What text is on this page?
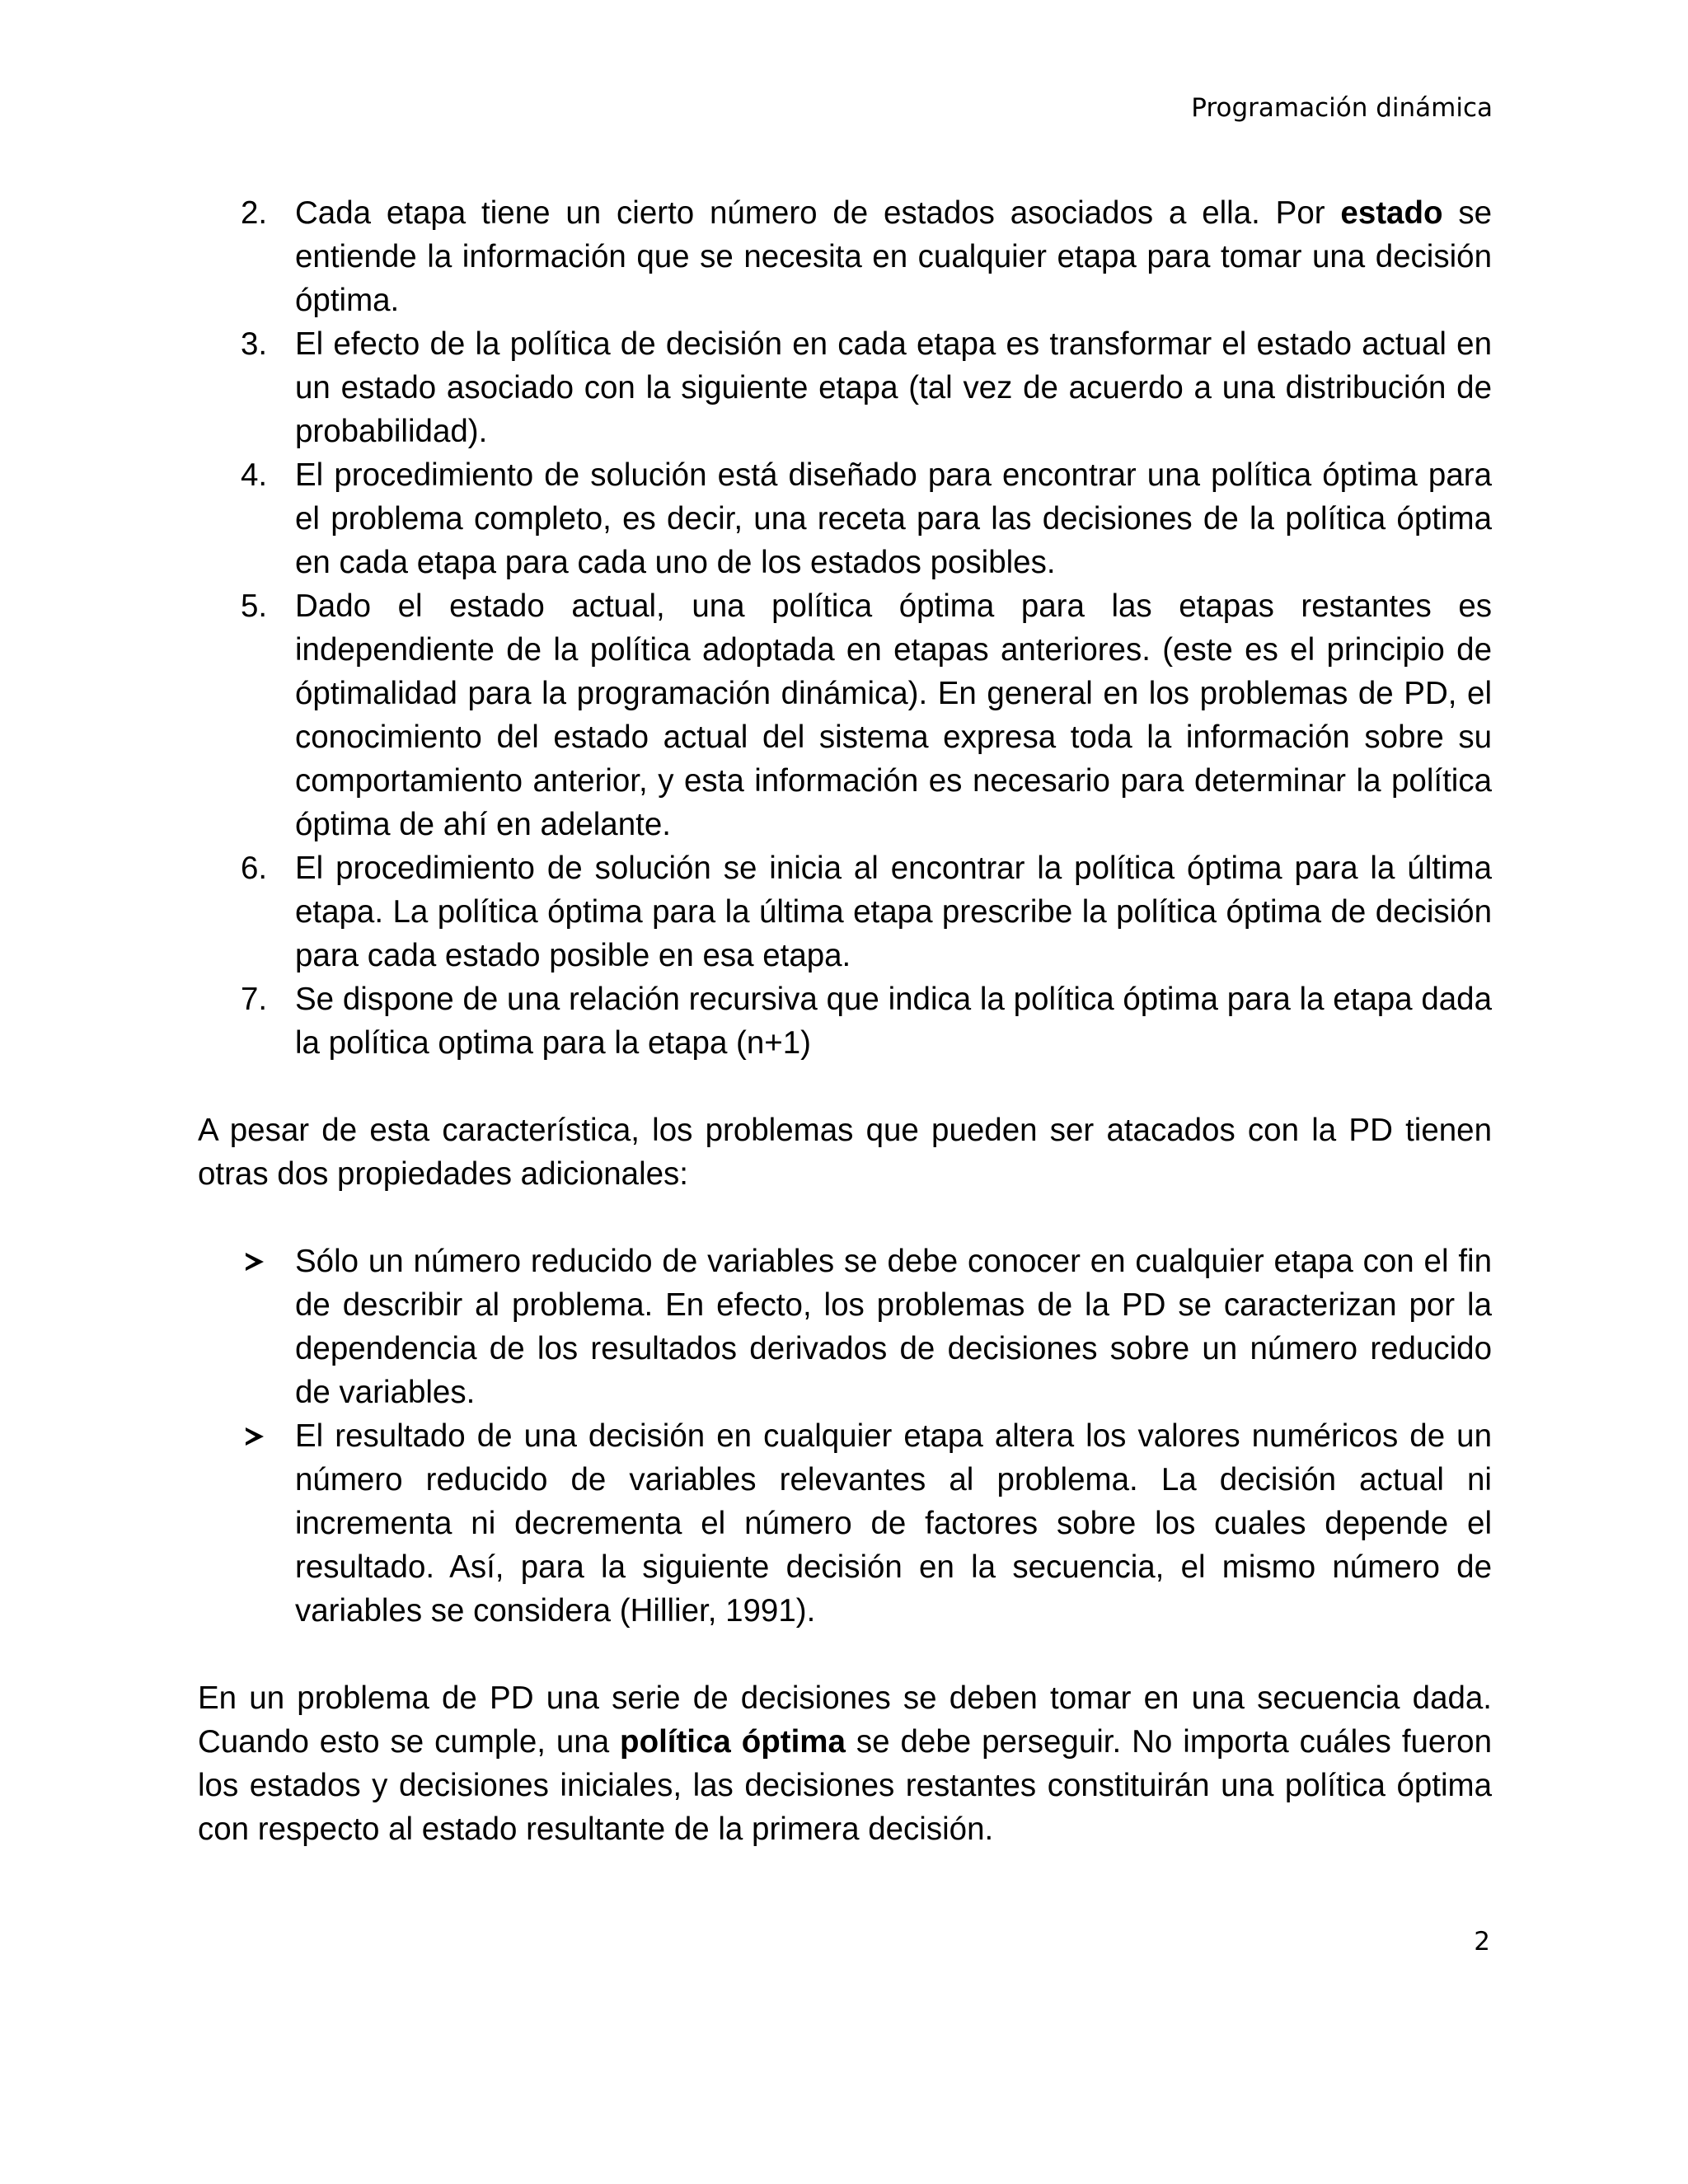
Programación dinámica
2. Cada etapa tiene un cierto número de estados asociados a ella. Por estado se entiende la información que se necesita en cualquier etapa para tomar una decisión óptima.
3. El efecto de la política de decisión en cada etapa es transformar el estado actual en un estado asociado con la siguiente etapa (tal vez de acuerdo a una distribución de probabilidad).
4. El procedimiento de solución está diseñado para encontrar una política óptima para el problema completo, es decir, una receta para las decisiones de la política óptima en cada etapa para cada uno de los estados posibles.
5. Dado el estado actual, una política óptima para las etapas restantes es independiente de la política adoptada en etapas anteriores. (este es el principio de óptimalidad para la programación dinámica). En general en los problemas de PD, el conocimiento del estado actual del sistema expresa toda la información sobre su comportamiento anterior, y esta información es necesario para determinar la política óptima de ahí en adelante.
6. El procedimiento de solución se inicia al encontrar la política óptima para la última etapa. La política óptima para la última etapa prescribe la política óptima de decisión para cada estado posible en esa etapa.
7. Se dispone de una relación recursiva que indica la política óptima para la etapa dada la política optima para la etapa (n+1)

A pesar de esta característica, los problemas que pueden ser atacados con la PD tienen otras dos propiedades adicionales:

Sólo un número reducido de variables se debe conocer en cualquier etapa con el fin de describir al problema. En efecto, los problemas de la PD se caracterizan por la dependencia de los resultados derivados de decisiones sobre un número reducido de variables.
El resultado de una decisión en cualquier etapa altera los valores numéricos de un número reducido de variables relevantes al problema. La decisión actual ni incrementa ni decrementa el número de factores sobre los cuales depende el resultado. Así, para la siguiente decisión en la secuencia, el mismo número de variables se considera (Hillier, 1991).

En un problema de PD una serie de decisiones se deben tomar en una secuencia dada. Cuando esto se cumple, una política óptima se debe perseguir. No importa cuáles fueron los estados y decisiones iniciales, las decisiones restantes constituirán una política óptima con respecto al estado resultante de la primera decisión.

2
